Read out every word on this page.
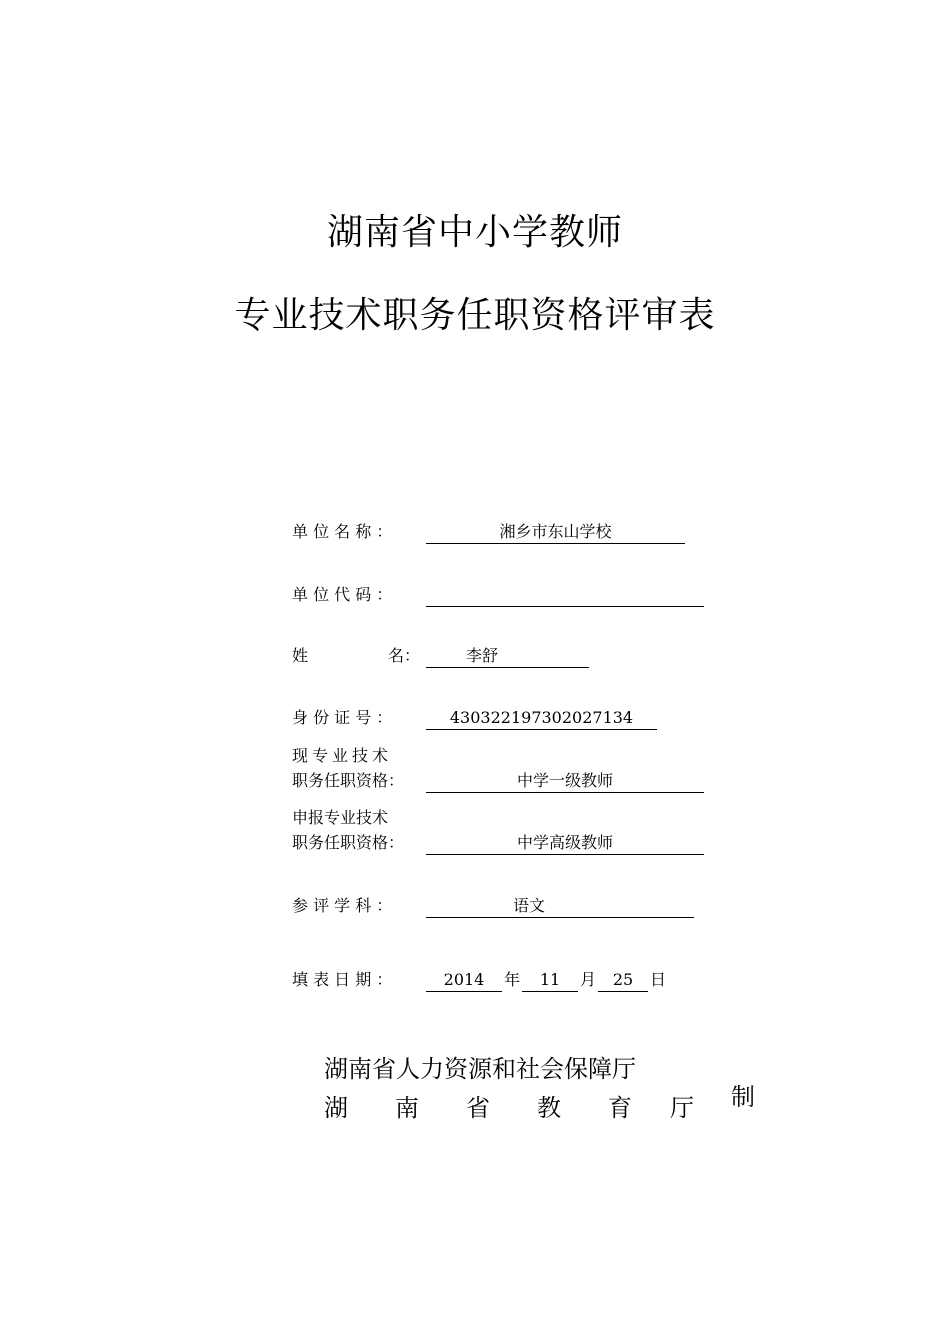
湖南省中小学教师
专业技术职务任职资格评审表
单 位 名 称 ：	湘乡市东山学校
单 位 代 码 ：
姓	名：	李舒
身 份 证 号 ：	430322197302027134
现专业技术
职务任职资格：	中学一级教师
申报专业技术
职务任职资格：	中学高级教师
参 评 学 科 ：	语文
填 表 日 期 ：	2014	年	11	月	25	日
湖南省人力资源和社会保障厅
湖 南 省 教 育 厅 制
